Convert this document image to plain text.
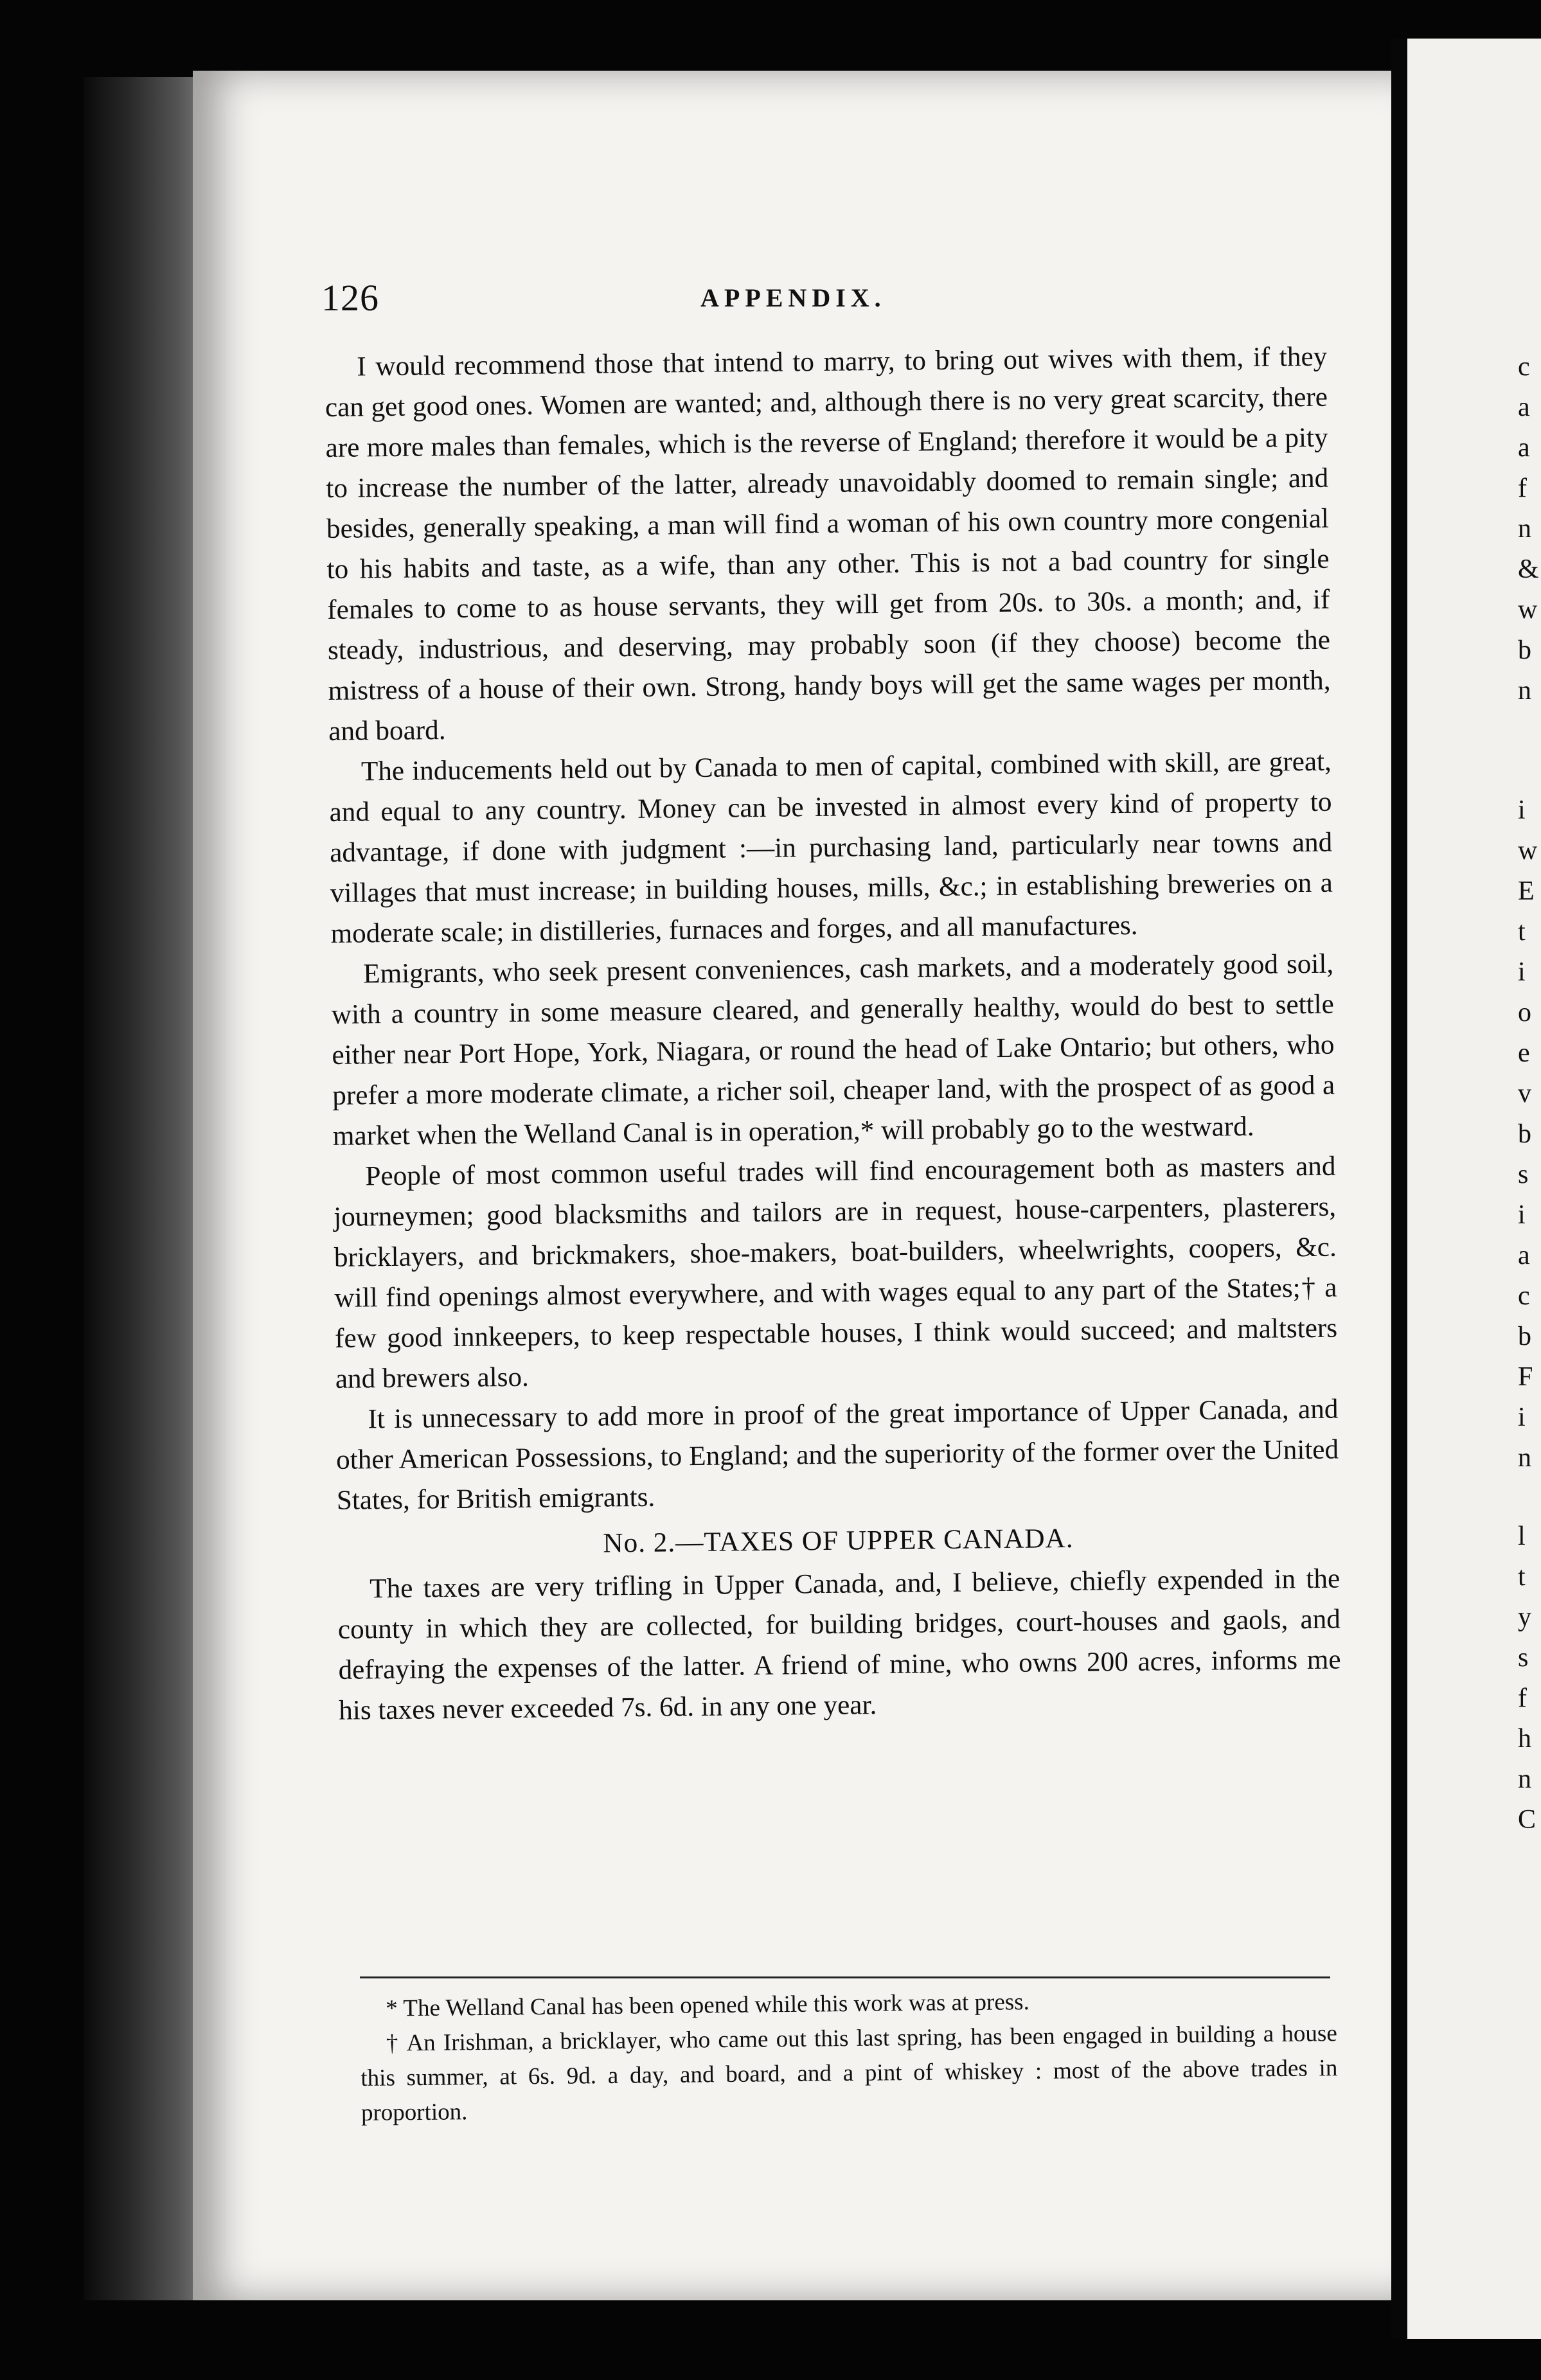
126	APPENDIX.

I would recommend those that intend to marry, to bring out wives with them, if they can get good ones. Women are wanted; and, although there is no very great scarcity, there are more males than females, which is the reverse of England; therefore it would be a pity to increase the number of the latter, already unavoidably doomed to remain single; and besides, generally speaking, a man will find a woman of his own country more congenial to his habits and taste, as a wife, than any other. This is not a bad country for single females to come to as house servants, they will get from 20s. to 30s. a month; and, if steady, industrious, and deserving, may probably soon (if they choose) become the mistress of a house of their own. Strong, handy boys will get the same wages per month, and board.

The inducements held out by Canada to men of capital, combined with skill, are great, and equal to any country. Money can be invested in almost every kind of property to advantage, if done with judgment :—in purchasing land, particularly near towns and villages that must increase; in building houses, mills, &c.; in establishing breweries on a moderate scale; in distilleries, furnaces and forges, and all manufactures.

Emigrants, who seek present conveniences, cash markets, and a moderately good soil, with a country in some measure cleared, and generally healthy, would do best to settle either near Port Hope, York, Niagara, or round the head of Lake Ontario; but others, who prefer a more moderate climate, a richer soil, cheaper land, with the prospect of as good a market when the Welland Canal is in operation,* will probably go to the westward.

People of most common useful trades will find encouragement both as masters and journeymen; good blacksmiths and tailors are in request, house-carpenters, plasterers, bricklayers, and brickmakers, shoe-makers, boat-builders, wheelwrights, coopers, &c. will find openings almost everywhere, and with wages equal to any part of the States;† a few good innkeepers, to keep respectable houses, I think would succeed; and maltsters and brewers also.

It is unnecessary to add more in proof of the great importance of Upper Canada, and other American Possessions, to England; and the superiority of the former over the United States, for British emigrants.

No. 2.—TAXES OF UPPER CANADA.

The taxes are very trifling in Upper Canada, and, I believe, chiefly expended in the county in which they are collected, for building bridges, court-houses and gaols, and defraying the expenses of the latter. A friend of mine, who owns 200 acres, informs me his taxes never exceeded 7s. 6d. in any one year.

* The Welland Canal has been opened while this work was at press.

† An Irishman, a bricklayer, who came out this last spring, has been engaged in building a house this summer, at 6s. 9d. a day, and board, and a pint of whiskey : most of the above trades in proportion.

c
a
a
f
n
&
w
b
n
i
w
E
t
i
o
e
v
b
s
i
a
c
b
F
i
n
l
t
y
s
f
h
n
C
